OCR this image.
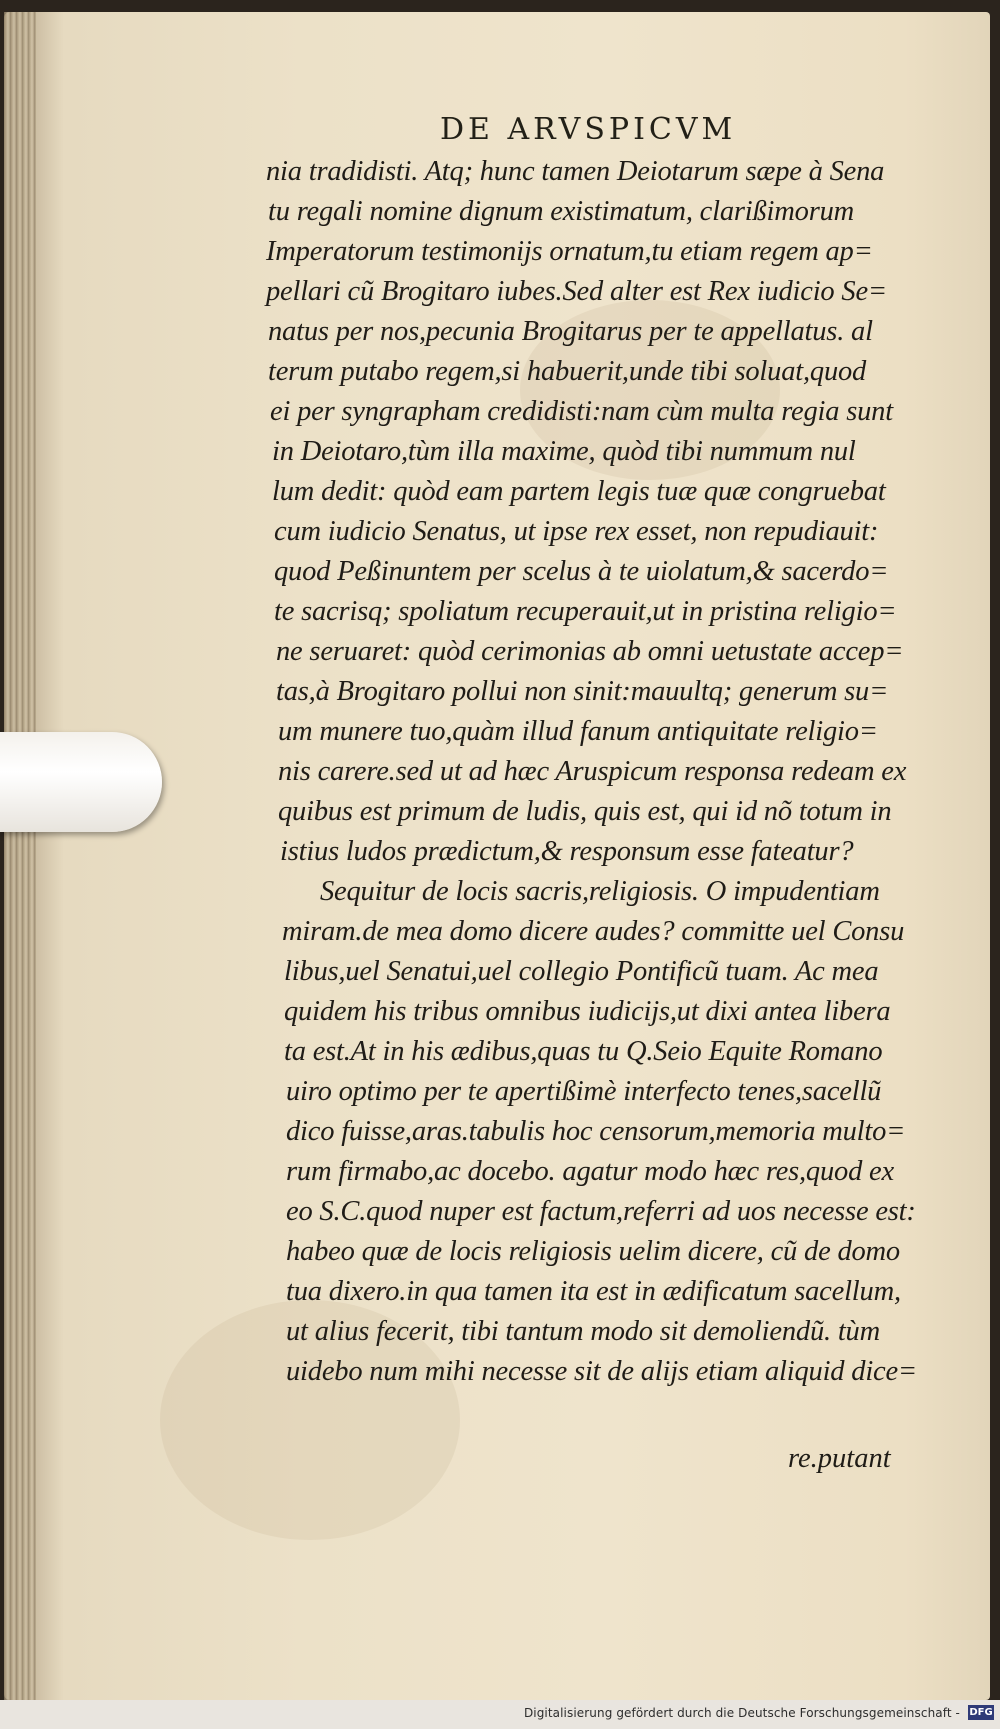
DE ARVSPICVM
nia tradidisti. Atq; hunc tamen Deiotarum sæpe à Sena
tu regali nomine dignum existimatum, clarißimorum
Imperatorum testimonijs ornatum,tu etiam regem ap=
pellari cũ Brogitaro iubes.Sed alter est Rex iudicio Se=
natus per nos,pecunia Brogitarus per te appellatus. al
terum putabo regem,si habuerit,unde tibi soluat,quod
ei per syngrapham credidisti:nam cùm multa regia sunt
in Deiotaro,tùm illa maxime, quòd tibi nummum nul
lum dedit: quòd eam partem legis tuæ quæ congruebat
cum iudicio Senatus, ut ipse rex esset, non repudiauit:
quod Peßinuntem per scelus à te uiolatum,& sacerdo=
te sacrisq; spoliatum recuperauit,ut in pristina religio=
ne seruaret: quòd cerimonias ab omni uetustate accep=
tas,à Brogitaro pollui non sinit:mauultq; generum su=
um munere tuo,quàm illud fanum antiquitate religio=
nis carere.sed ut ad hæc Aruspicum responsa redeam ex
quibus est primum de ludis, quis est, qui id nõ totum in
istius ludos prædictum,& responsum esse fateatur?
Sequitur de locis sacris,religiosis. O impudentiam
miram.de mea domo dicere audes? committe uel Consu
libus,uel Senatui,uel collegio Pontificũ tuam. Ac mea
quidem his tribus omnibus iudicijs,ut dixi antea libera
ta est.At in his ædibus,quas tu Q.Seio Equite Romano
uiro optimo per te apertißimè interfecto tenes,sacellũ
dico fuisse,aras.tabulis hoc censorum,memoria multo=
rum firmabo,ac docebo. agatur modo hæc res,quod ex
eo S.C.quod nuper est factum,referri ad uos necesse est:
habeo quæ de locis religiosis uelim dicere, cũ de domo
tua dixero.in qua tamen ita est in ædificatum sacellum,
ut alius fecerit, tibi tantum modo sit demoliendũ. tùm
uidebo num mihi necesse sit de alijs etiam aliquid dice=
re.putant
Digitalisierung gefördert durch die Deutsche Forschungsgemeinschaft - DFG
